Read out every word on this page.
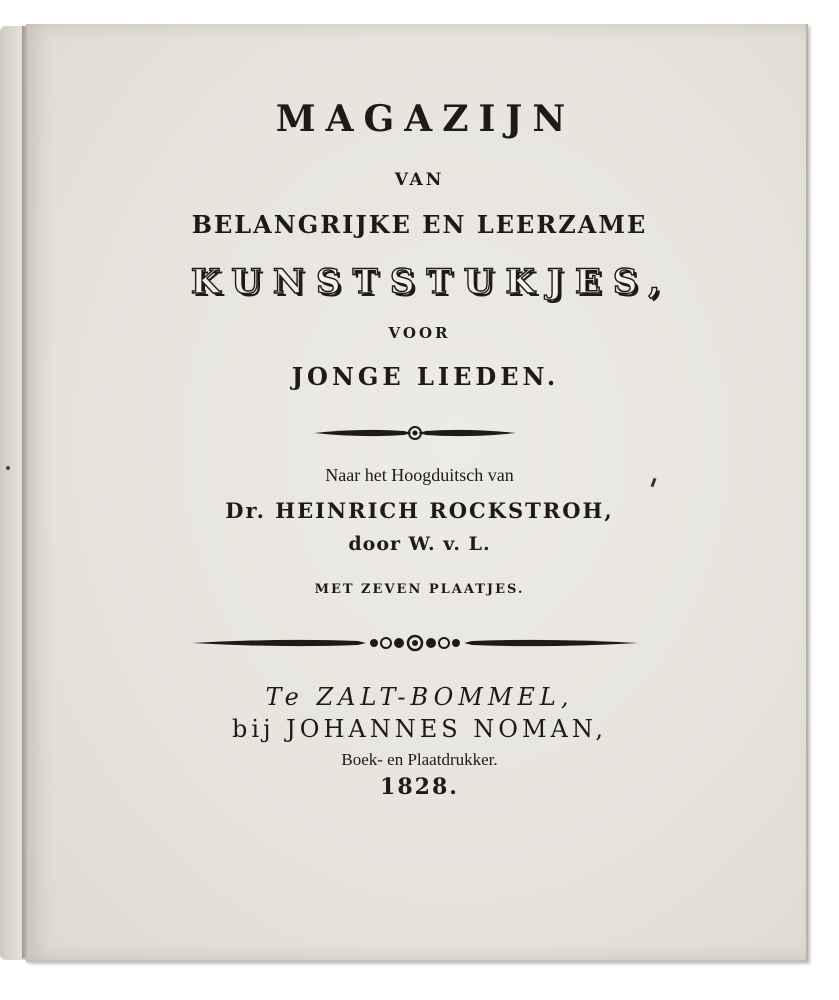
MAGAZIJN

VAN

BELANGRIJKE EN LEERZAME

KUNSTSTUKJES,

VOOR

JONGE LIEDEN.

Naar het Hoogduitsch van

Dr. HEINRICH ROCKSTROH,

door W. v. L.

MET ZEVEN PLAATJES.

Te ZALT-BOMMEL,

bij JOHANNES NOMAN,

Boek- en Plaatdrukker.

1828.
